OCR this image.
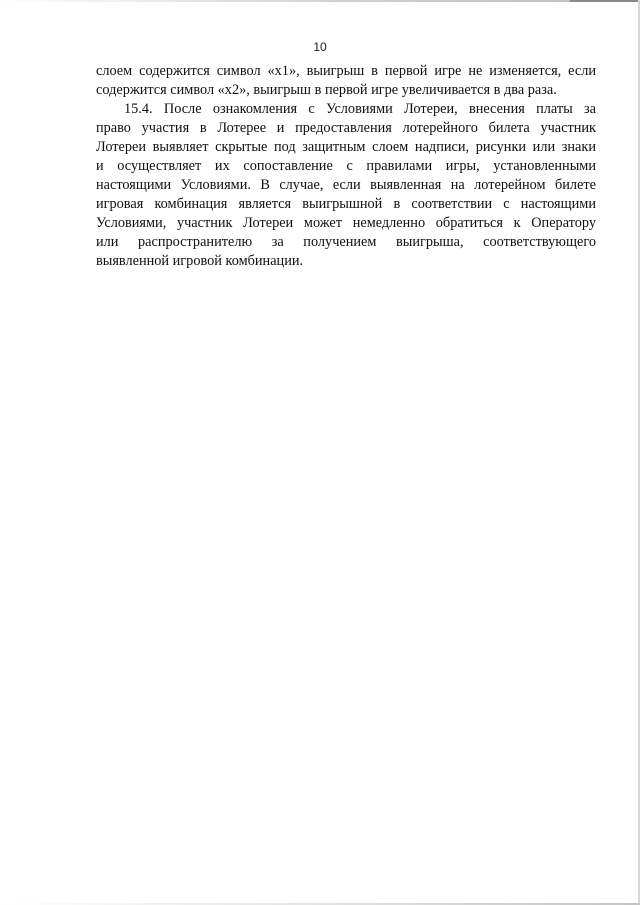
10

слоем содержится символ «x1», выигрыш в первой игре не изменяется, если
содержится символ «x2», выигрыш в первой игре увеличивается в два раза.

15.4. После ознакомления с Условиями Лотереи, внесения платы за
право участия в Лотерее и предоставления лотерейного билета участник
Лотереи выявляет скрытые под защитным слоем надписи, рисунки или знаки
и осуществляет их сопоставление с правилами игры, установленными
настоящими Условиями. В случае, если выявленная на лотерейном билете
игровая комбинация является выигрышной в соответствии с настоящими
Условиями, участник Лотереи может немедленно обратиться к Оператору
или распространителю за получением выигрыша, соответствующего
выявленной игровой комбинации.
